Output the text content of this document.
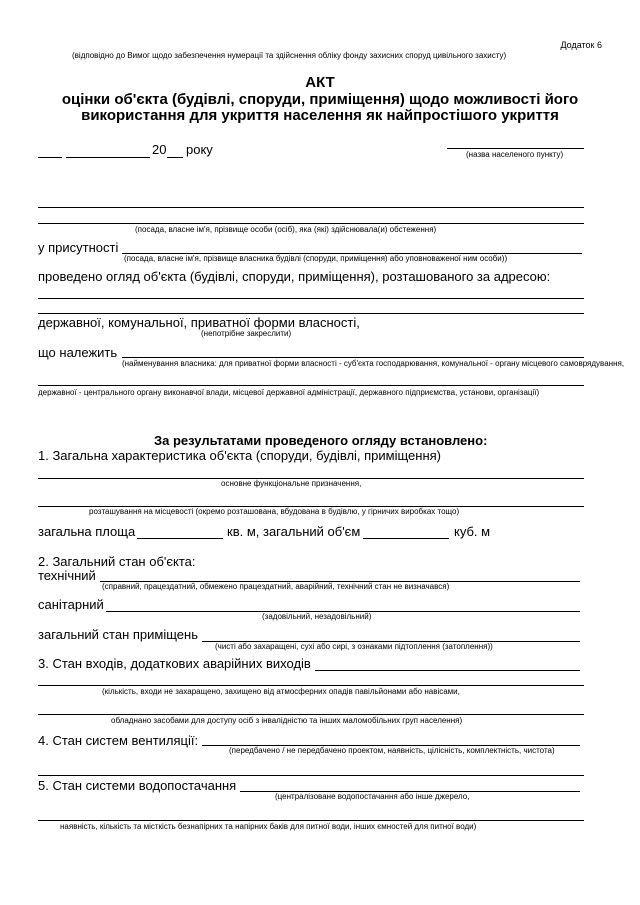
Додаток 6
(відповідно до Вимог щодо забезпечення нумерації та здійснення обліку фонду захисних споруд цивільного захисту)
АКТ
оцінки об'єкта (будівлі, споруди, приміщення) щодо можливості його
використання для укриття населення як найпростішого укриття
20 року	(назва населеного пункту)
(посада, власне ім'я, прізвище особи (осіб), яка (які) здійснювала(и) обстеження)
у присутності
(посада, власне ім'я, прізвище власника будівлі (споруди, приміщення) або уповноваженої ним особи))
проведено огляд об'єкта (будівлі, споруди, приміщення), розташованого за адресою:
державної, комунальної, приватної форми власності,
(непотрібне закреслити)
що належить
(найменування власника: для приватної форми власності - суб'єкта господарювання, комунальної - органу місцевого самоврядування,
державної - центрального органу виконавчої влади, місцевої державної адміністрації, державного підприємства, установи, організації)
За результатами проведеного огляду встановлено:
1. Загальна характеристика об'єкта (споруди, будівлі, приміщення)
основне функціональне призначення,
розташування на місцевості (окремо розташована, вбудована в будівлю, у гірничих виробках тощо)
загальна площа	кв. м, загальний об'єм	куб. м
2. Загальний стан об'єкта:
технічний
(справний, працездатний, обмежено працездатний, аварійний, технічний стан не визначався)
санітарний
(задовільний, незадовільний)
загальний стан приміщень
(чисті або захаращені, сухі або сирі, з ознаками підтоплення (затоплення))
3. Стан входів, додаткових аварійних виходів
(кількість, входи не захаращено, захищено від атмосферних опадів павільйонами або навісами,
обладнано засобами для доступу осіб з інвалідністю та інших маломобільних груп населення)
4. Стан систем вентиляції:
(передбачено / не передбачено проектом, наявність, цілісність, комплектність, чистота)
5. Стан системи водопостачання
(централізоване водопостачання або інше джерело,
наявність, кількість та місткість безнапірних та напірних баків для питної води, інших ємностей для питної води)
